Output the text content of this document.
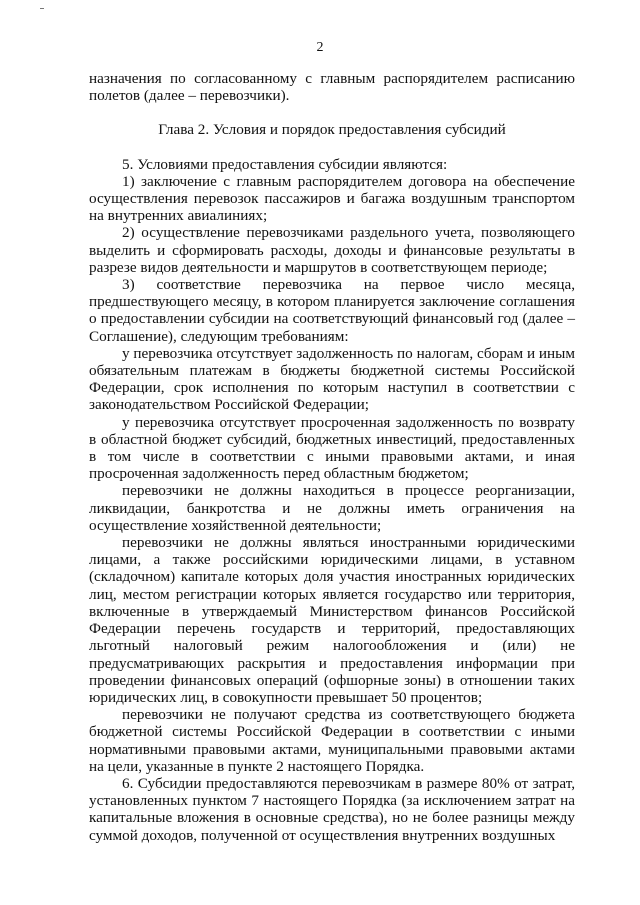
2

назначения по согласованному с главным распорядителем расписанию полетов (далее – перевозчики).

Глава 2. Условия и порядок предоставления субсидий

5. Условиями предоставления субсидии являются:

1) заключение с главным распорядителем договора на обеспечение осуществления перевозок пассажиров и багажа воздушным транспортом на внутренних авиалиниях;

2) осуществление перевозчиками раздельного учета, позволяющего выделить и сформировать расходы, доходы и финансовые результаты в разрезе видов деятельности и маршрутов в соответствующем периоде;

3) соответствие перевозчика на первое число месяца,

предшествующего месяцу, в котором планируется заключение соглашения о предоставлении субсидии на соответствующий финансовый год (далее – Соглашение), следующим требованиям:

у перевозчика отсутствует задолженность по налогам, сборам и иным обязательным платежам в бюджеты бюджетной системы Российской Федерации, срок исполнения по которым наступил в соответствии с законодательством Российской Федерации;

у перевозчика отсутствует просроченная задолженность по возврату в областной бюджет субсидий, бюджетных инвестиций, предоставленных в том числе в соответствии с иными правовыми актами, и иная просроченная задолженность перед областным бюджетом;

перевозчики не должны находиться в процессе реорганизации, ликвидации, банкротства и не должны иметь ограничения на осуществление хозяйственной деятельности;

перевозчики не должны являться иностранными юридическими лицами, а также российскими юридическими лицами, в уставном (складочном) капитале которых доля участия иностранных юридических лиц, местом регистрации которых является государство или территория, включенные в утверждаемый Министерством финансов Российской Федерации перечень государств и территорий, предоставляющих льготный налоговый режим налогообложения и (или) не предусматривающих раскрытия и предоставления информации при проведении финансовых операций (офшорные зоны) в отношении таких юридических лиц, в совокупности превышает 50 процентов;

перевозчики не получают средства из соответствующего бюджета бюджетной системы Российской Федерации в соответствии с иными нормативными правовыми актами, муниципальными правовыми актами на цели, указанные в пункте 2 настоящего Порядка.

6. Субсидии предоставляются перевозчикам в размере 80% от затрат, установленных пунктом 7 настоящего Порядка (за исключением затрат на капитальные вложения в основные средства), но не более разницы между суммой доходов, полученной от осуществления внутренних воздушных
